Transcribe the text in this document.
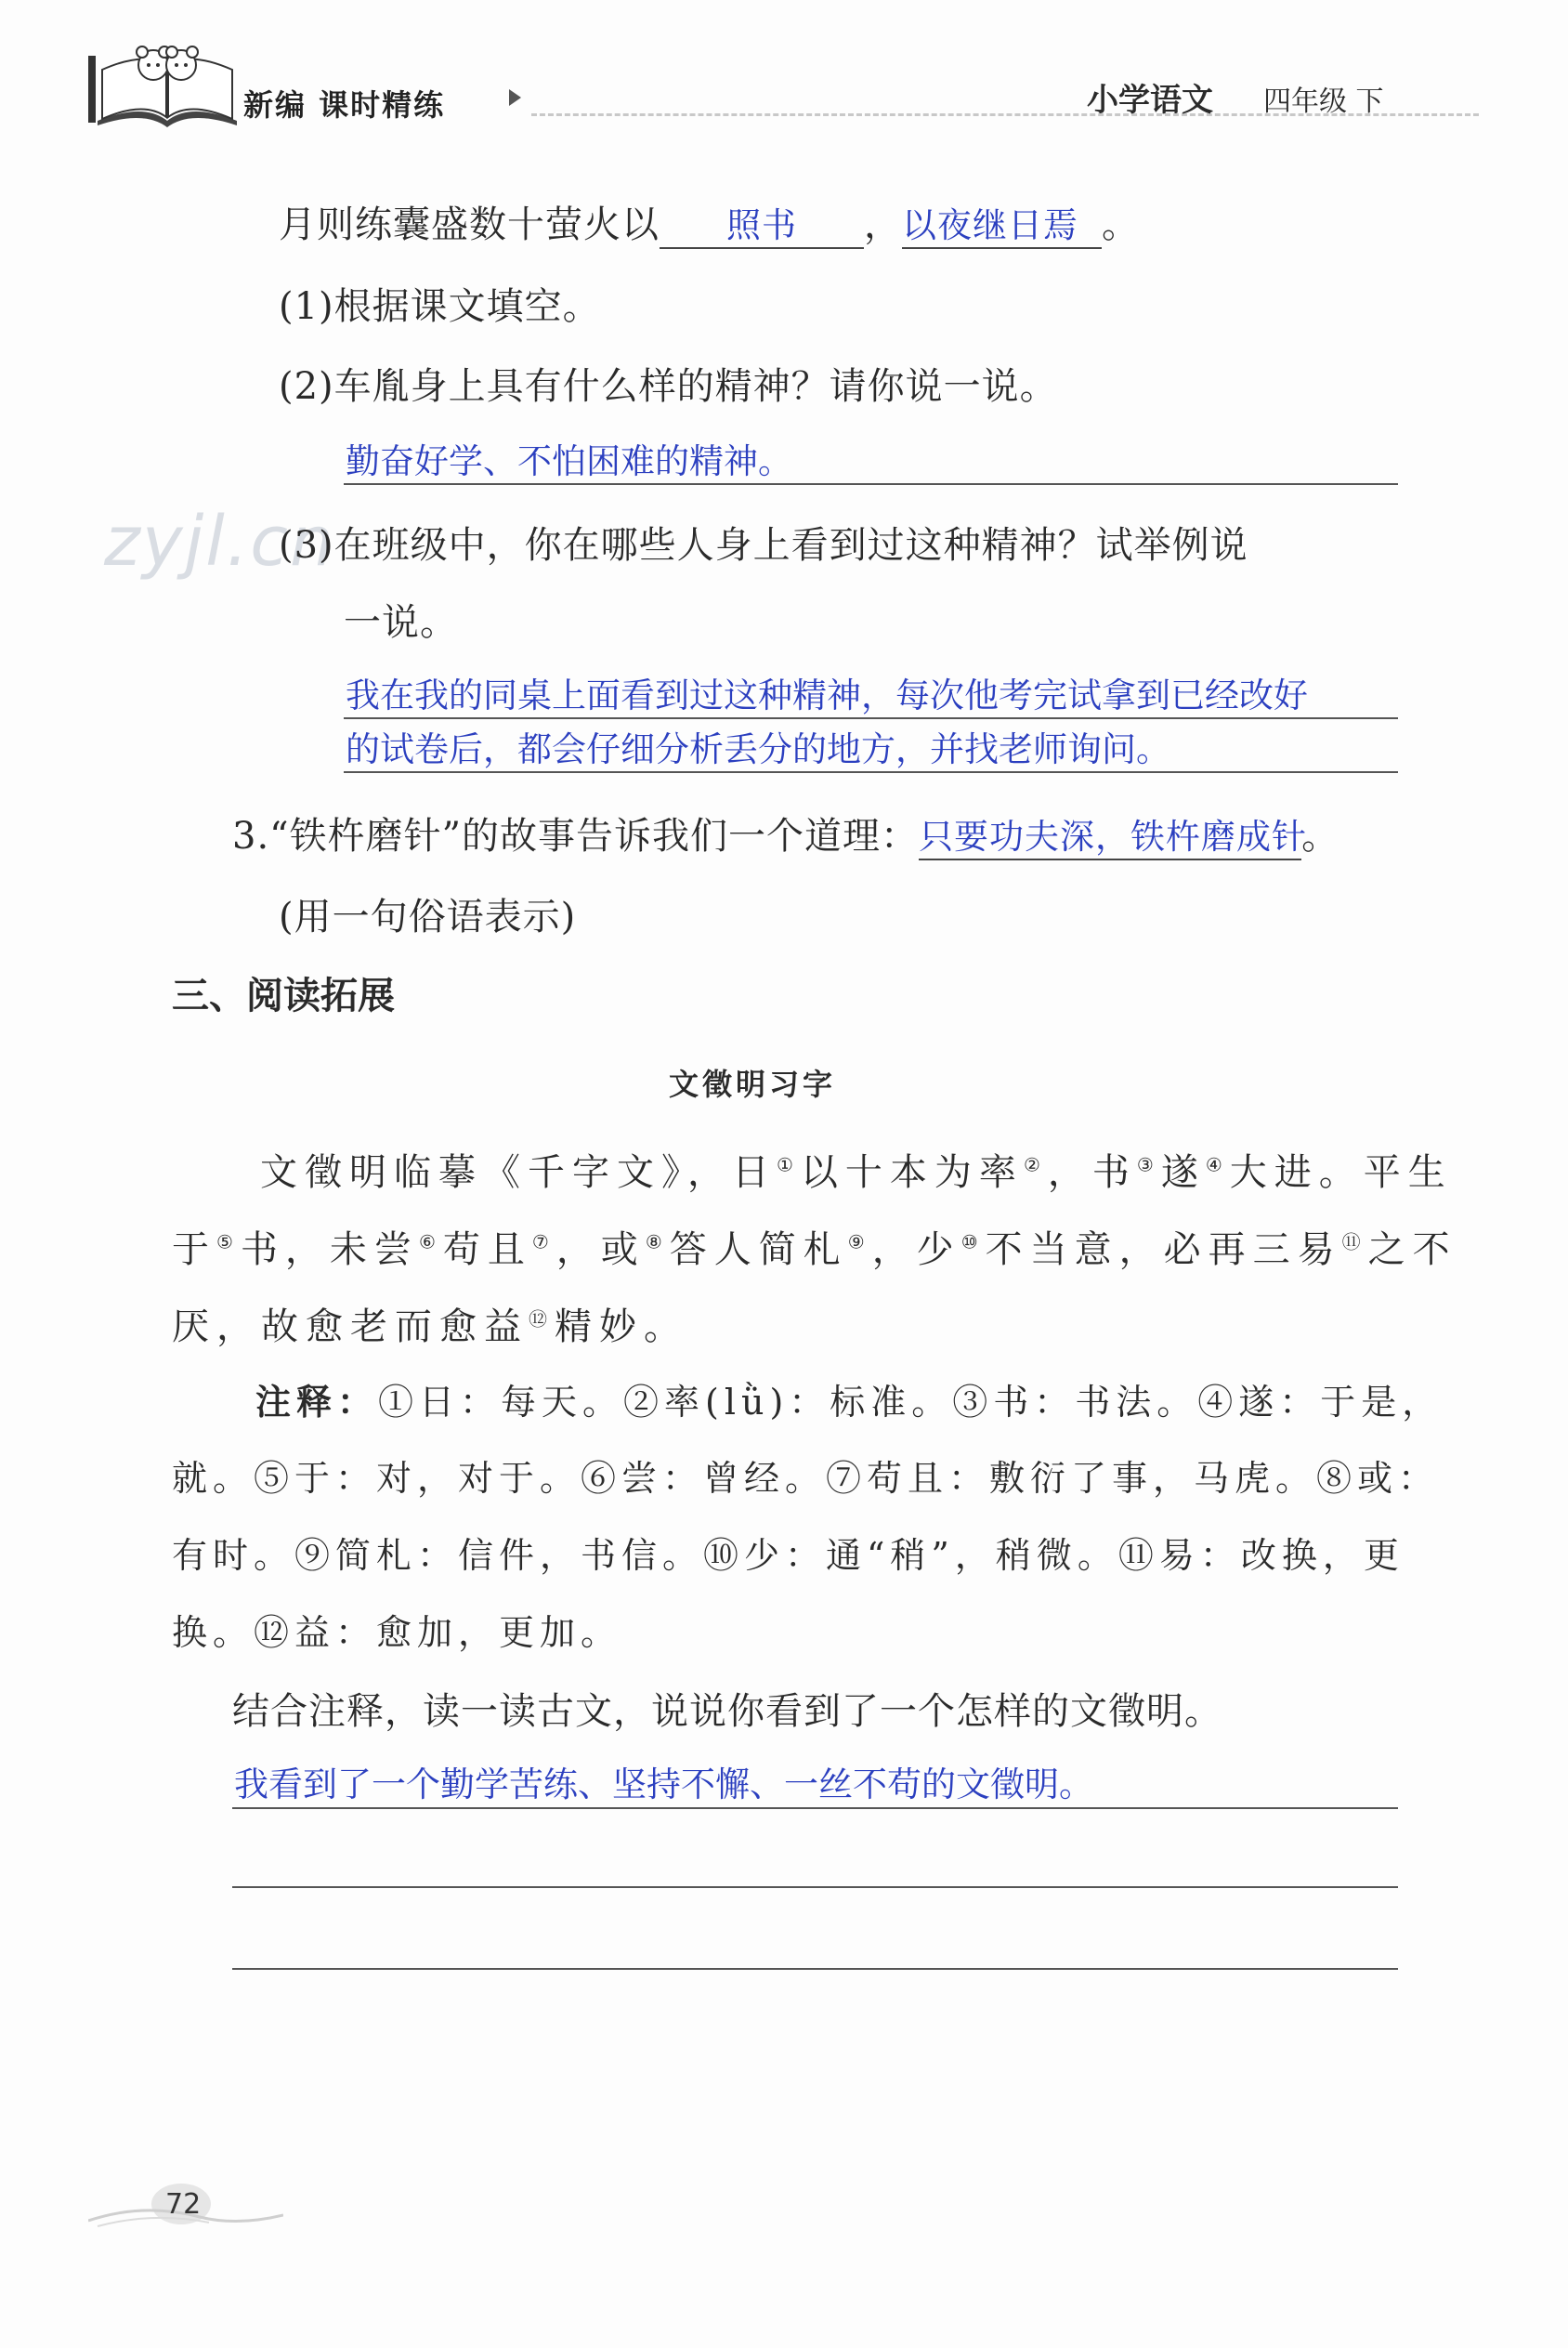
新编 课时精练	小学语文 四年级 下
zyjl.cn
月则练囊盛数十萤火以 照书 ，以夜继日焉 。
(1)根据课文填空。
(2)车胤身上具有什么样的精神？请你说一说。
勤奋好学、不怕困难的精神。
(3)在班级中，你在哪些人身上看到过这种精神？试举例说
一说。
我在我的同桌上面看到过这种精神，每次他考完试拿到已经改好
的试卷后，都会仔细分析丢分的地方，并找老师询问。
3.“铁杵磨针”的故事告诉我们一个道理：只要功夫深，铁杵磨成针。
(用一句俗语表示)
三、阅读拓展
文徵明习字
文徵明临摹《千字文》，日①以十本为率②，书③遂④大进。平生
于⑤书，未尝⑥苟且⑦，或⑧答人简札⑨，少⑩不当意，必再三易⑪之不
厌，故愈老而愈益⑫精妙。
注释：①日：每天。②率(lǜ)：标准。③书：书法。④遂：于是，
就。⑤于：对，对于。⑥尝：曾经。⑦苟且：敷衍了事，马虎。⑧或：
有时。⑨简札：信件，书信。⑩少：通“稍”，稍微。⑪易：改换，更
换。⑫益：愈加，更加。
结合注释，读一读古文，说说你看到了一个怎样的文徵明。
我看到了一个勤学苦练、坚持不懈、一丝不苟的文徵明。
72
